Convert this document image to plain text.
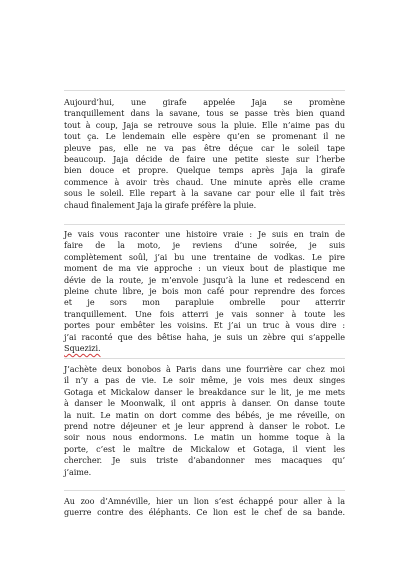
Aujourd’hui, une girafe appelée Jaja se promène
tranquillement dans la savane, tous se passe très bien quand
tout à coup, Jaja se retrouve sous la pluie. Elle n’aime pas du
tout ça. Le lendemain elle espère qu’en se promenant il ne
pleuve pas, elle ne va pas être déçue car le soleil tape
beaucoup. Jaja décide de faire une petite sieste sur l’herbe
bien douce et propre. Quelque temps après Jaja la girafe
commence à avoir très chaud. Une minute après elle crame
sous le soleil. Elle repart à la savane car pour elle il fait très
chaud finalement Jaja la girafe préfère la pluie.

Je vais vous raconter une histoire vraie : Je suis en train de
faire de la moto, je reviens d’une soirée, je suis
complètement soûl, j’ai bu une trentaine de vodkas. Le pire
moment de ma vie approche : un vieux bout de plastique me
dévie de la route, je m’envole jusqu’à la lune et redescend en
pleine chute libre, je bois mon café pour reprendre des forces
et je sors mon parapluie ombrelle pour atterrir
tranquillement. Une fois atterri je vais sonner à toute les
portes pour embêter les voisins. Et j’ai un truc à vous dire :
j’ai raconté que des bêtise haha, je suis un zèbre qui s’appelle
Squezizi.

J’achète deux bonobos à Paris dans une fourrière car chez moi
il n’y a pas de vie. Le soir même, je vois mes deux singes
Gotaga et Mickalow danser le breakdance sur le lit, je me mets
à danser le Moonwalk, il ont appris à danser. On danse toute
la nuit. Le matin on dort comme des bébés, je me réveille, on
prend notre déjeuner et je leur apprend à danser le robot. Le
soir nous nous endormons. Le matin un homme toque à la
porte, c’est le maître de Mickalow et Gotaga, il vient les
chercher. Je suis triste d’abandonner mes macaques qu’
j’aime.

Au zoo d’Amnéville, hier un lion s’est échappé pour aller à la
guerre contre des éléphants. Ce lion est le chef de sa bande.
